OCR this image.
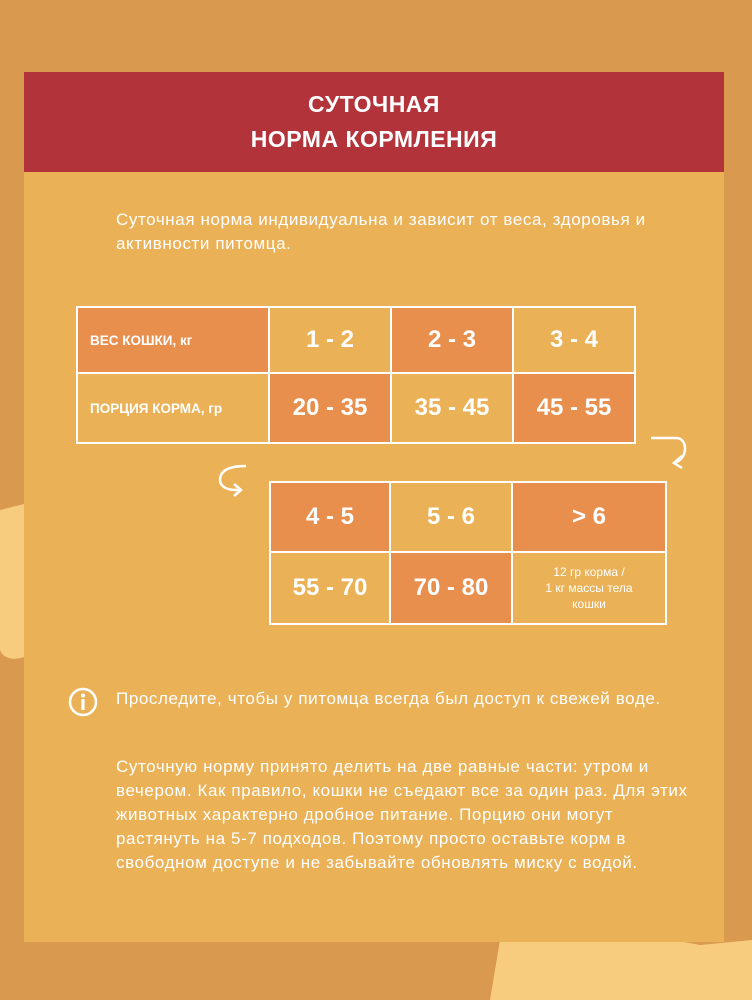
СУТОЧНАЯ
НОРМА КОРМЛЕНИЯ
Суточная норма индивидуальна и зависит от веса, здоровья и активности питомца.
ВЕС КОШКИ, кг	1 - 2	2 - 3	3 - 4
ПОРЦИЯ КОРМА, гр	20 - 35	35 - 45	45 - 55
4 - 5	5 - 6	> 6
55 - 70	70 - 80	12 гр корма /
1 кг массы тела
кошки
Проследите, чтобы у питомца всегда был доступ к свежей воде.
Суточную норму принято делить на две равные части: утром и вечером. Как правило, кошки не съедают все за один раз. Для этих животных характерно дробное питание. Порцию они могут растянуть на 5-7 подходов. Поэтому просто оставьте корм в свободном доступе и не забывайте обновлять миску с водой.
